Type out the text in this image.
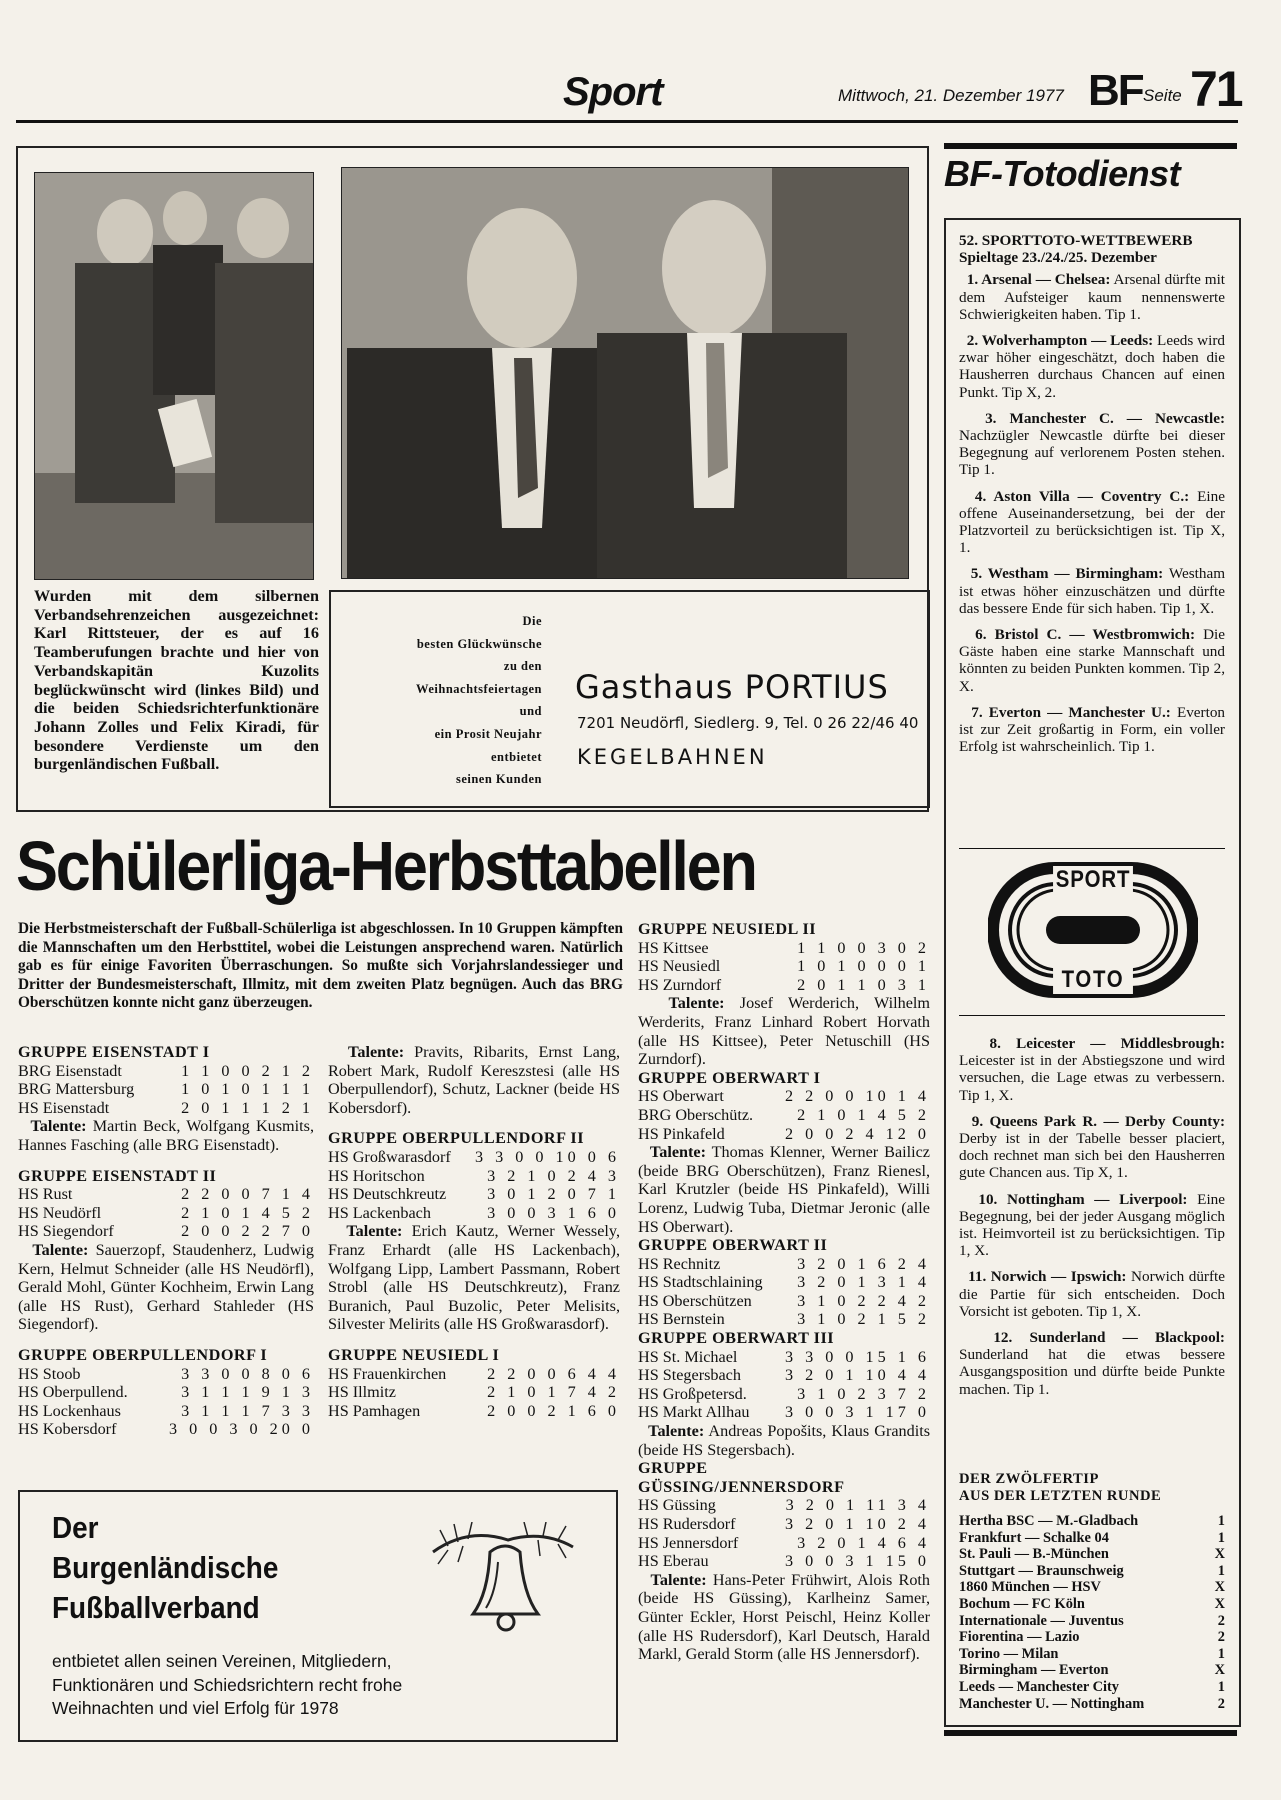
Sport	Mittwoch, 21. Dezember 1977 BF Seite 71
Wurden mit dem silbernen Verbandsehrenzeichen ausgezeichnet: Karl Rittsteuer, der es auf 16 Teamberufungen brachte und hier von Verbandskapitän Kuzolits beglückwünscht wird (linkes Bild) und die beiden Schiedsrichterfunktionäre Johann Zolles und Felix Kiradi, für besondere Verdienste um den burgenländischen Fußball.
Die
besten Glückwünsche
zu den
Weihnachtsfeiertagen
und
ein Prosit Neujahr
entbietet
seinen Kunden
Gasthaus PORTIUS
7201 Neudörfl, Siedlerg. 9, Tel. 0 26 22/46 40
KEGELBAHNEN
Schülerliga-Herbsttabellen
Die Herbstmeisterschaft der Fußball-Schülerliga ist abgeschlossen. In 10 Gruppen kämpften die Mannschaften um den Herbsttitel, wobei die Leistungen ansprechend waren. Natürlich gab es für einige Favoriten Überraschungen. So mußte sich Vorjahrslandessieger und Dritter der Bundesmeisterschaft, Illmitz, mit dem zweiten Platz begnügen. Auch das BRG Oberschützen konnte nicht ganz überzeugen.
GRUPPE EISENSTADT I
BRG Eisenstadt	1 1 0 0 2 1 2
BRG Mattersburg	1 0 1 0 1 1 1
HS Eisenstadt	2 0 1 1 1 2 1
Talente: Martin Beck, Wolfgang Kusmits, Hannes Fasching (alle BRG Eisenstadt).
GRUPPE EISENSTADT II
HS Rust	2 2 0 0 7 1 4
HS Neudörfl	2 1 0 1 4 5 2
HS Siegendorf	2 0 0 2 2 7 0
Talente: Sauerzopf, Staudenherz, Ludwig Kern, Helmut Schneider (alle HS Neudörfl), Gerald Mohl, Günter Kochheim, Erwin Lang (alle HS Rust), Gerhard Stahleder (HS Siegendorf).
GRUPPE OBERPULLENDORF I
HS Stoob	3 3 0 0 8 0 6
HS Oberpullend.	3 1 1 1 9 1 3
HS Lockenhaus	3 1 1 1 7 3 3
HS Kobersdorf	3 0 0 3 0 20 0
Talente: Pravits, Ribarits, Ernst Lang, Robert Mark, Rudolf Kereszstesi (alle HS Oberpullendorf), Schutz, Lackner (beide HS Kobersdorf).
GRUPPE OBERPULLENDORF II
HS Großwarasdorf	3 3 0 0 10 0 6
HS Horitschon	3 2 1 0 2 4 3
HS Deutschkreutz	3 0 1 2 0 7 1
HS Lackenbach	3 0 0 3 1 6 0
Talente: Erich Kautz, Werner Wessely, Franz Erhardt (alle HS Lackenbach), Wolfgang Lipp, Lambert Passmann, Robert Strobl (alle HS Deutschkreutz), Franz Buranich, Paul Buzolic, Peter Melisits, Silvester Melirits (alle HS Großwarasdorf).
GRUPPE NEUSIEDL I
HS Frauenkirchen	2 2 0 0 6 4 4
HS Illmitz	2 1 0 1 7 4 2
HS Pamhagen	2 0 0 2 1 6 0
GRUPPE NEUSIEDL II
HS Kittsee	1 1 0 0 3 0 2
HS Neusiedl	1 0 1 0 0 0 1
HS Zurndorf	2 0 1 1 0 3 1
Talente: Josef Werderich, Wilhelm Werderits, Franz Linhard Robert Horvath (alle HS Kittsee), Peter Netuschill (HS Zurndorf).
GRUPPE OBERWART I
HS Oberwart	2 2 0 0 10 1 4
BRG Oberschütz.	2 1 0 1 4 5 2
HS Pinkafeld	2 0 0 2 4 12 0
Talente: Thomas Klenner, Werner Bailicz (beide BRG Oberschützen), Franz Rienesl, Karl Krutzler (beide HS Pinkafeld), Willi Lorenz, Ludwig Tuba, Dietmar Jeronic (alle HS Oberwart).
GRUPPE OBERWART II
HS Rechnitz	3 2 0 1 6 2 4
HS Stadtschlaining	3 2 0 1 3 1 4
HS Oberschützen	3 1 0 2 2 4 2
HS Bernstein	3 1 0 2 1 5 2
GRUPPE OBERWART III
HS St. Michael	3 3 0 0 15 1 6
HS Stegersbach	3 2 0 1 10 4 4
HS Großpetersd.	3 1 0 2 3 7 2
HS Markt Allhau	3 0 0 3 1 17 0
Talente: Andreas Popošits, Klaus Grandits (beide HS Stegersbach).
GRUPPE GÜSSING/JENNERSDORF
HS Güssing	3 2 0 1 11 3 4
HS Rudersdorf	3 2 0 1 10 2 4
HS Jennersdorf	3 2 0 1 4 6 4
HS Eberau	3 0 0 3 1 15 0
Talente: Hans-Peter Frühwirt, Alois Roth (beide HS Güssing), Karlheinz Samer, Günter Eckler, Horst Peischl, Heinz Koller (alle HS Rudersdorf), Karl Deutsch, Harald Markl, Gerald Storm (alle HS Jennersdorf).
Der
Burgenländische
Fußballverband
entbietet allen seinen Vereinen, Mitgliedern, Funktionären und Schiedsrichtern recht frohe Weihnachten und viel Erfolg für 1978
BF-Totodienst

52. SPORTTOTO-WETTBEWERB
Spieltage 23./24./25. Dezember

1. Arsenal — Chelsea: Arsenal dürfte mit dem Aufsteiger kaum nennenswerte Schwierigkeiten haben. Tip 1.

2. Wolverhampton — Leeds: Leeds wird zwar höher eingeschätzt, doch haben die Hausherren durchaus Chancen auf einen Punkt. Tip X, 2.

3. Manchester C. — Newcastle: Nachzügler Newcastle dürfte bei dieser Begegnung auf verlorenem Posten stehen. Tip 1.

4. Aston Villa — Coventry C.: Eine offene Auseinandersetzung, bei der der Platzvorteil zu berücksichtigen ist. Tip X, 1.

5. Westham — Birmingham: Westham ist etwas höher einzuschätzen und dürfte das bessere Ende für sich haben. Tip 1, X.

6. Bristol C. — Westbromwich: Die Gäste haben eine starke Mannschaft und könnten zu beiden Punkten kommen. Tip 2, X.

7. Everton — Manchester U.: Everton ist zur Zeit großartig in Form, ein voller Erfolg ist wahrscheinlich. Tip 1.

SPORT
TOTO

8. Leicester — Middlesbrough: Leicester ist in der Abstiegszone und wird versuchen, die Lage etwas zu verbessern. Tip 1, X.

9. Queens Park R. — Derby County: Derby ist in der Tabelle besser placiert, doch rechnet man sich bei den Hausherren gute Chancen aus. Tip X, 1.

10. Nottingham — Liverpool: Eine Begegnung, bei der jeder Ausgang möglich ist. Heimvorteil ist zu berücksichtigen. Tip 1, X.

11. Norwich — Ipswich: Norwich dürfte die Partie für sich entscheiden. Doch Vorsicht ist geboten. Tip 1, X.

12. Sunderland — Blackpool: Sunderland hat die etwas bessere Ausgangsposition und dürfte beide Punkte machen. Tip 1.

DER ZWÖLFERTIP
AUS DER LETZTEN RUNDE
Hertha BSC — M.-Gladbach	1
Frankfurt — Schalke 04	1
St. Pauli — B.-München	X
Stuttgart — Braunschweig	1
1860 München — HSV	X
Bochum — FC Köln	X
Internationale — Juventus	2
Fiorentina — Lazio	2
Torino — Milan	1
Birmingham — Everton	X
Leeds — Manchester City	1
Manchester U. — Nottingham	2
